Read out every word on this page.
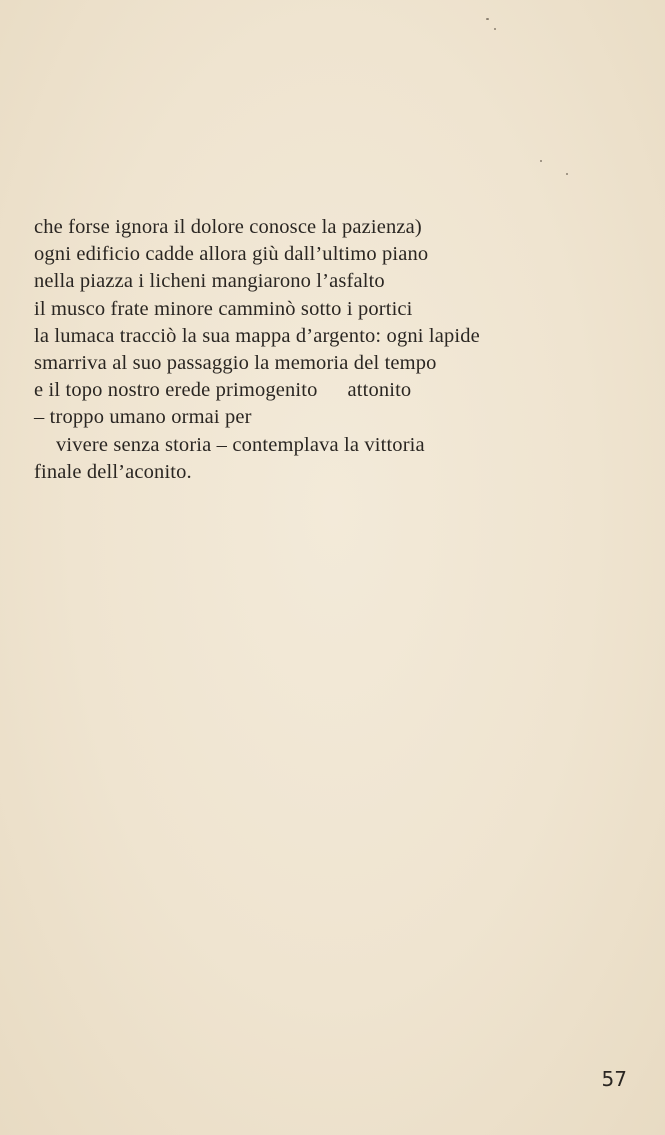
che forse ignora il dolore conosce la pazienza)
ogni edificio cadde allora giù dall’ultimo piano
nella piazza i licheni mangiarono l’asfalto
il musco frate minore camminò sotto i portici
la lumaca tracciò la sua mappa d’argento: ogni lapide
smarriva al suo passaggio la memoria del tempo
e il topo nostro erede primogenito attonito
– troppo umano ormai per
vivere senza storia – contemplava la vittoria
finale dell’aconito.
57
